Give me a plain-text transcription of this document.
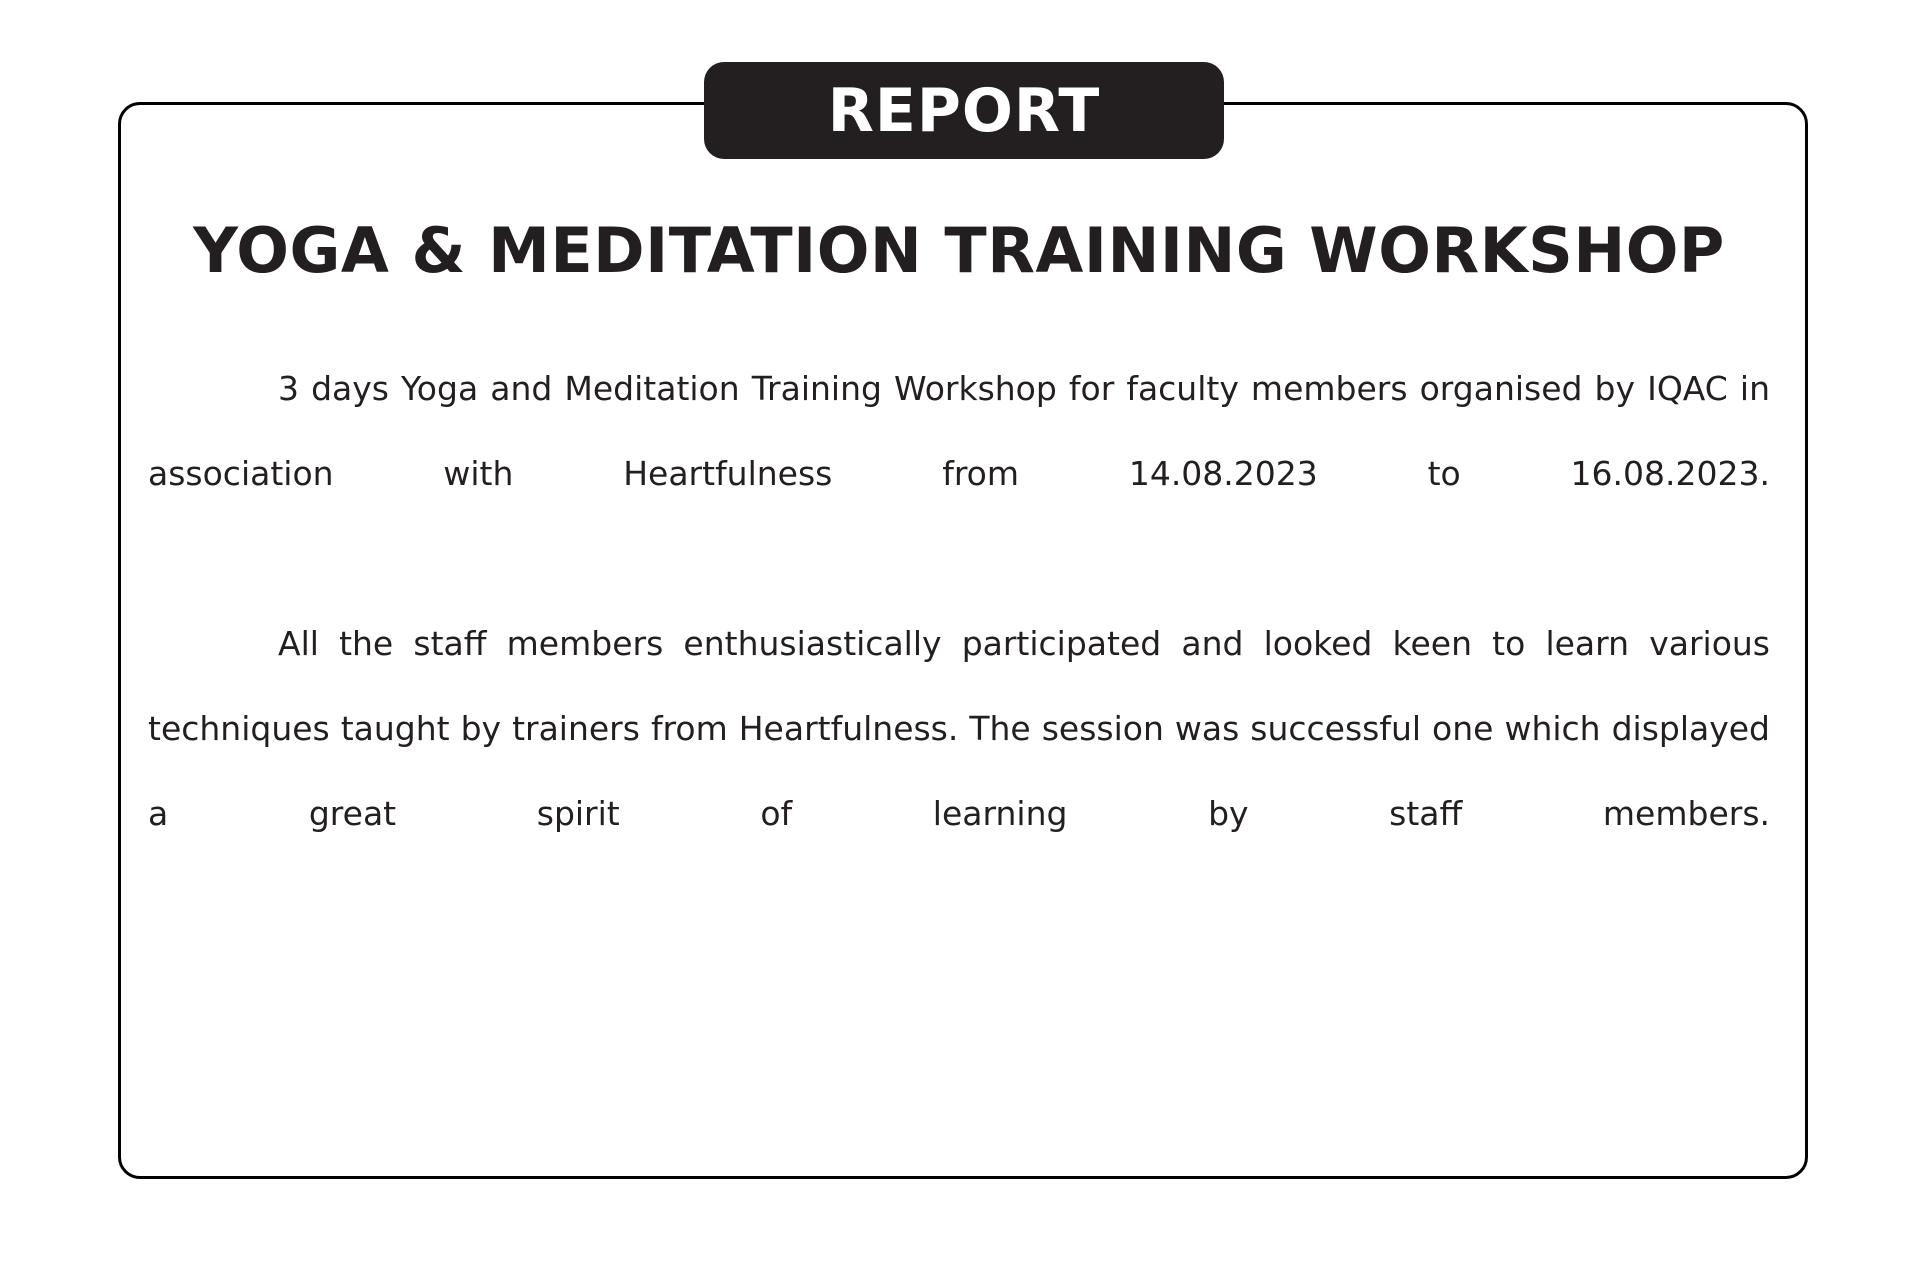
REPORT
YOGA & MEDITATION TRAINING WORKSHOP

3 days Yoga and Meditation Training Workshop for faculty members organised by IQAC in association with Heartfulness from 14.08.2023 to 16.08.2023.

All the staff members enthusiastically participated and looked keen to learn various techniques taught by trainers from Heartfulness. The session was successful one which displayed a great spirit of learning by staff members.
